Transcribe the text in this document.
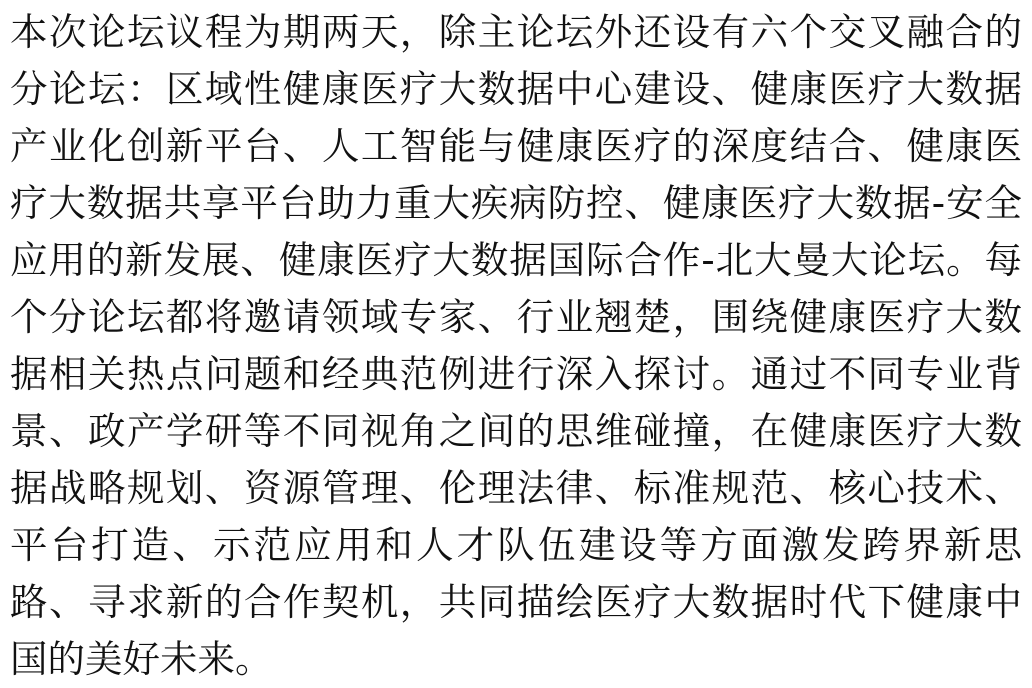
本次论坛议程为期两天，除主论坛外还设有六个交叉融合的分论坛：区域性健康医疗大数据中心建设、健康医疗大数据产业化创新平台、人工智能与健康医疗的深度结合、健康医疗大数据共享平台助力重大疾病防控、健康医疗大数据-安全应用的新发展、健康医疗大数据国际合作-北大曼大论坛。每个分论坛都将邀请领域专家、行业翘楚，围绕健康医疗大数据相关热点问题和经典范例进行深入探讨。通过不同专业背景、政产学研等不同视角之间的思维碰撞，在健康医疗大数据战略规划、资源管理、伦理法律、标准规范、核心技术、平台打造、示范应用和人才队伍建设等方面激发跨界新思路、寻求新的合作契机，共同描绘医疗大数据时代下健康中国的美好未来。
